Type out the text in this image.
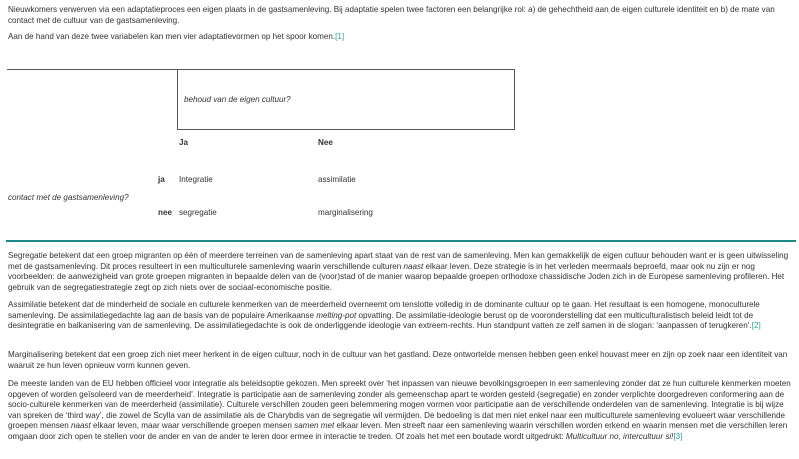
Nieuwkomers verwerven via een adaptatieproces een eigen plaats in de gastsamenleving. Bij adaptatie spelen twee factoren een belangrijke rol: a) de gehechtheid aan de eigen culturele identiteit en b) de mate van contact met de cultuur van de gastsamenleving.

Aan de hand van deze twee variabelen kan men vier adaptatievormen op het spoor komen.[1]

behoud van de eigen cultuur?
Ja	Nee
ja Integratie	assimilatie
contact met de gastsamenleving?
nee segregatie	marginalisering

Segregatie betekent dat een groep migranten op één of meerdere terreinen van de samenleving apart staat van de rest van de samenleving. Men kan gemakkelijk de eigen cultuur behouden want er is geen uitwisseling met de gastsamenleving. Dit proces resulteert in een multiculturele samenleving waarin verschillende culturen naast elkaar leven. Deze strategie is in het verleden meermaals beproefd, maar ook nu zijn er nog voorbeelden: de aanwezigheid van grote groepen migranten in bepaalde delen van de (voor)stad of de manier waarop bepaalde groepen orthodoxe chassidische Joden zich in de Europese samenleving profileren. Het gebruik van de segregatiestrategie zegt op zich niets over de sociaal-economische positie.

Assimilatie betekent dat de minderheid de sociale en culturele kenmerken van de meerderheid overneemt om tenslotte volledig in de dominante cultuur op te gaan. Het resultaat is een homogene, monoculturele samenleving. De assimilatiegedachte lag aan de basis van de populaire Amerikaanse melting-pot opvatting. De assimilatie-ideologie berust op de vooronderstelling dat een multiculturalistisch beleid leidt tot de desintegratie en balkanisering van de samenleving. De assimilatiegedachte is ook de onderliggende ideologie van extreem-rechts. Hun standpunt vatten ze zelf samen in de slogan: ‘aanpassen of terugkeren’.[2]

Marginalisering betekent dat een groep zich niet meer herkent in de eigen cultuur, noch in de cultuur van het gastland. Deze ontwortelde mensen hebben geen enkel houvast meer en zijn op zoek naar een identiteit van waaruit ze hun leven opnieuw vorm kunnen geven.

De meeste landen van de EU hebben officieel voor integratie als beleidsoptie gekozen. Men spreekt over ‘het inpassen van nieuwe bevolkingsgroepen in een samenleving zonder dat ze hun culturele kenmerken moeten opgeven of worden geïsoleerd van de meerderheid’. Integratie is participatie aan de samenleving zonder als gemeenschap apart te worden gesteld (segregatie) en zonder verplichte doorgedreven conformering aan de socio-culturele kenmerken van de meerderheid (assimilatie). Culturele verschillen zouden geen belemmering mogen vormen voor participatie aan de verschillende onderdelen van de samenleving. Integratie is bij wijze van spreken de ‘third way’, die zowel de Scylla van de assimilatie als de Charybdis van de segregatie wil vermijden. De bedoeling is dat men niet enkel naar een multiculturele samenleving evolueert waar verschillende groepen mensen naast elkaar leven, maar waar verschillende groepen mensen samen met elkaar leven. Men streeft naar een samenleving waarin verschillen worden erkend en waarin mensen met die verschillen leren omgaan door zich open te stellen voor de ander en van de ander te leren door ermee in interactie te treden. Of zoals het met een boutade wordt uitgedrukt: Multicultuur no, intercultuur si![3]
